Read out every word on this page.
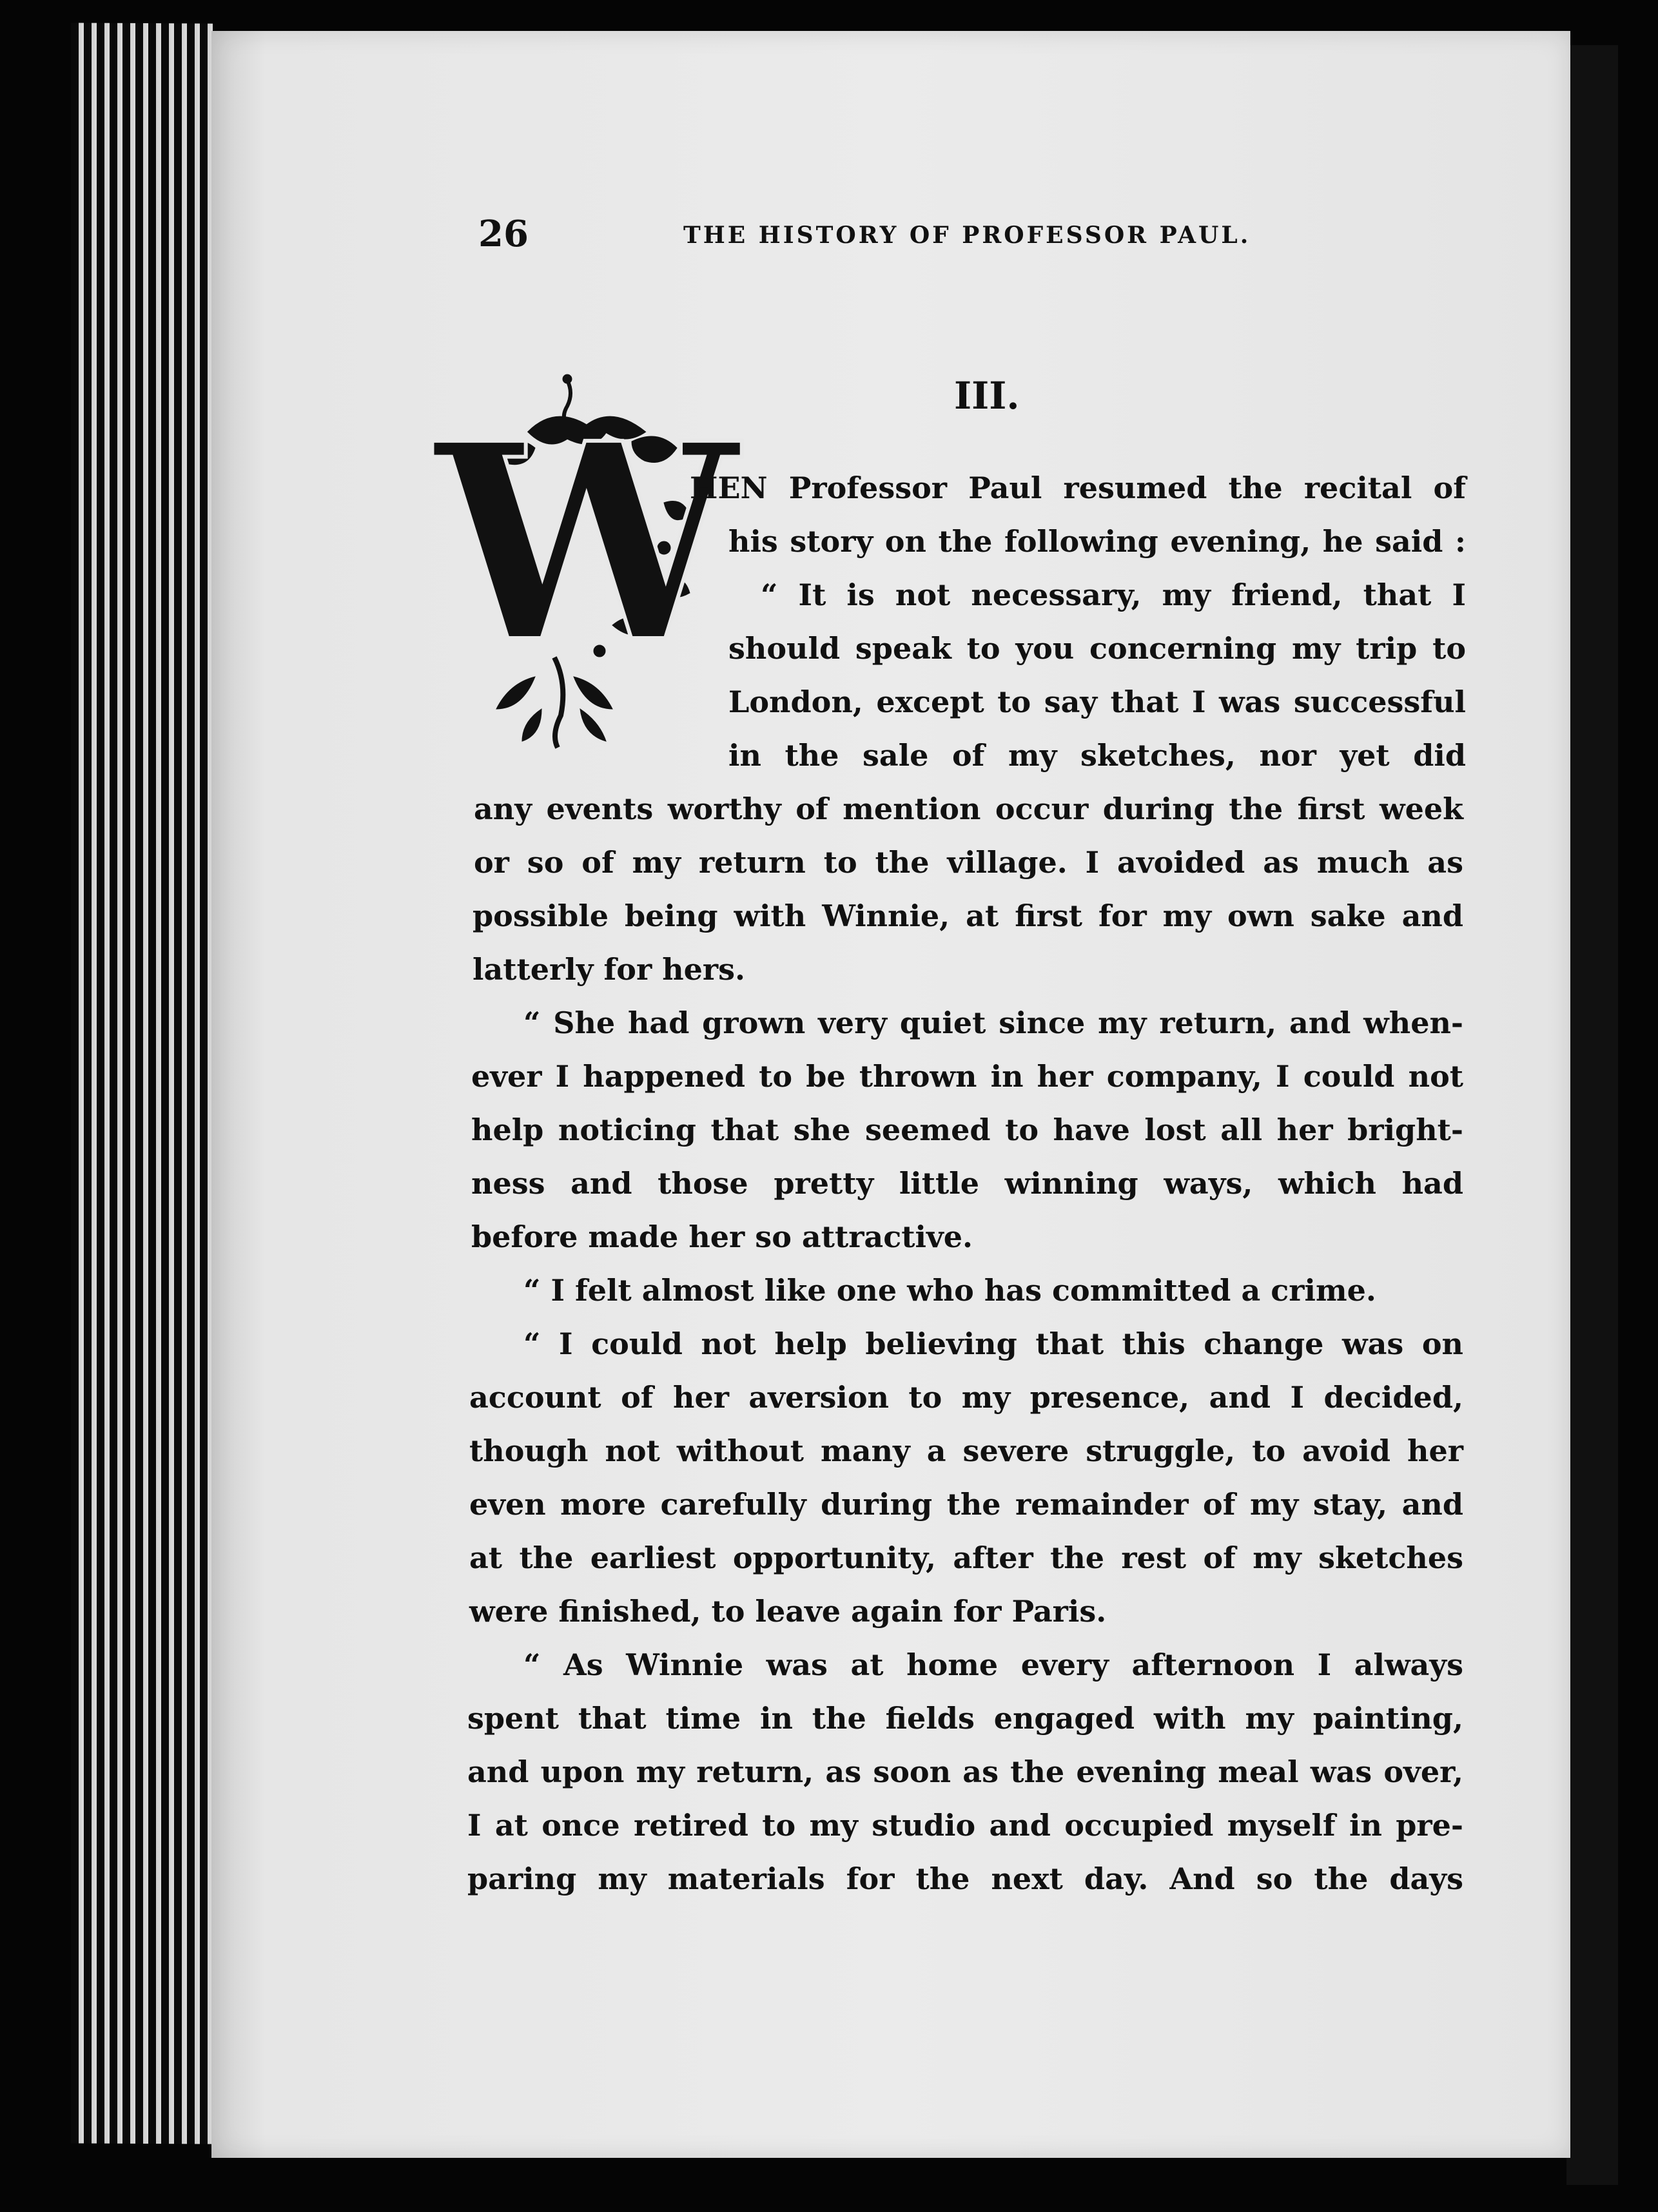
26	THE HISTORY OF PROFESSOR PAUL.
III.
W
HEN Professor Paul resumed the recital of
his story on the following evening, he said :
“ It is not necessary, my friend, that I
should speak to you concerning my trip to
London, except to say that I was successful
in the sale of my sketches, nor yet did
any events worthy of mention occur during the first week
or so of my return to the village. I avoided as much as
possible being with Winnie, at first for my own sake and
latterly for hers.
“ She had grown very quiet since my return, and when-
ever I happened to be thrown in her company, I could not
help noticing that she seemed to have lost all her bright-
ness and those pretty little winning ways, which had
before made her so attractive.
“ I felt almost like one who has committed a crime.
“ I could not help believing that this change was on
account of her aversion to my presence, and I decided,
though not without many a severe struggle, to avoid her
even more carefully during the remainder of my stay, and
at the earliest opportunity, after the rest of my sketches
were finished, to leave again for Paris.
“ As Winnie was at home every afternoon I always
spent that time in the fields engaged with my painting,
and upon my return, as soon as the evening meal was over,
I at once retired to my studio and occupied myself in pre-
paring my materials for the next day. And so the days
